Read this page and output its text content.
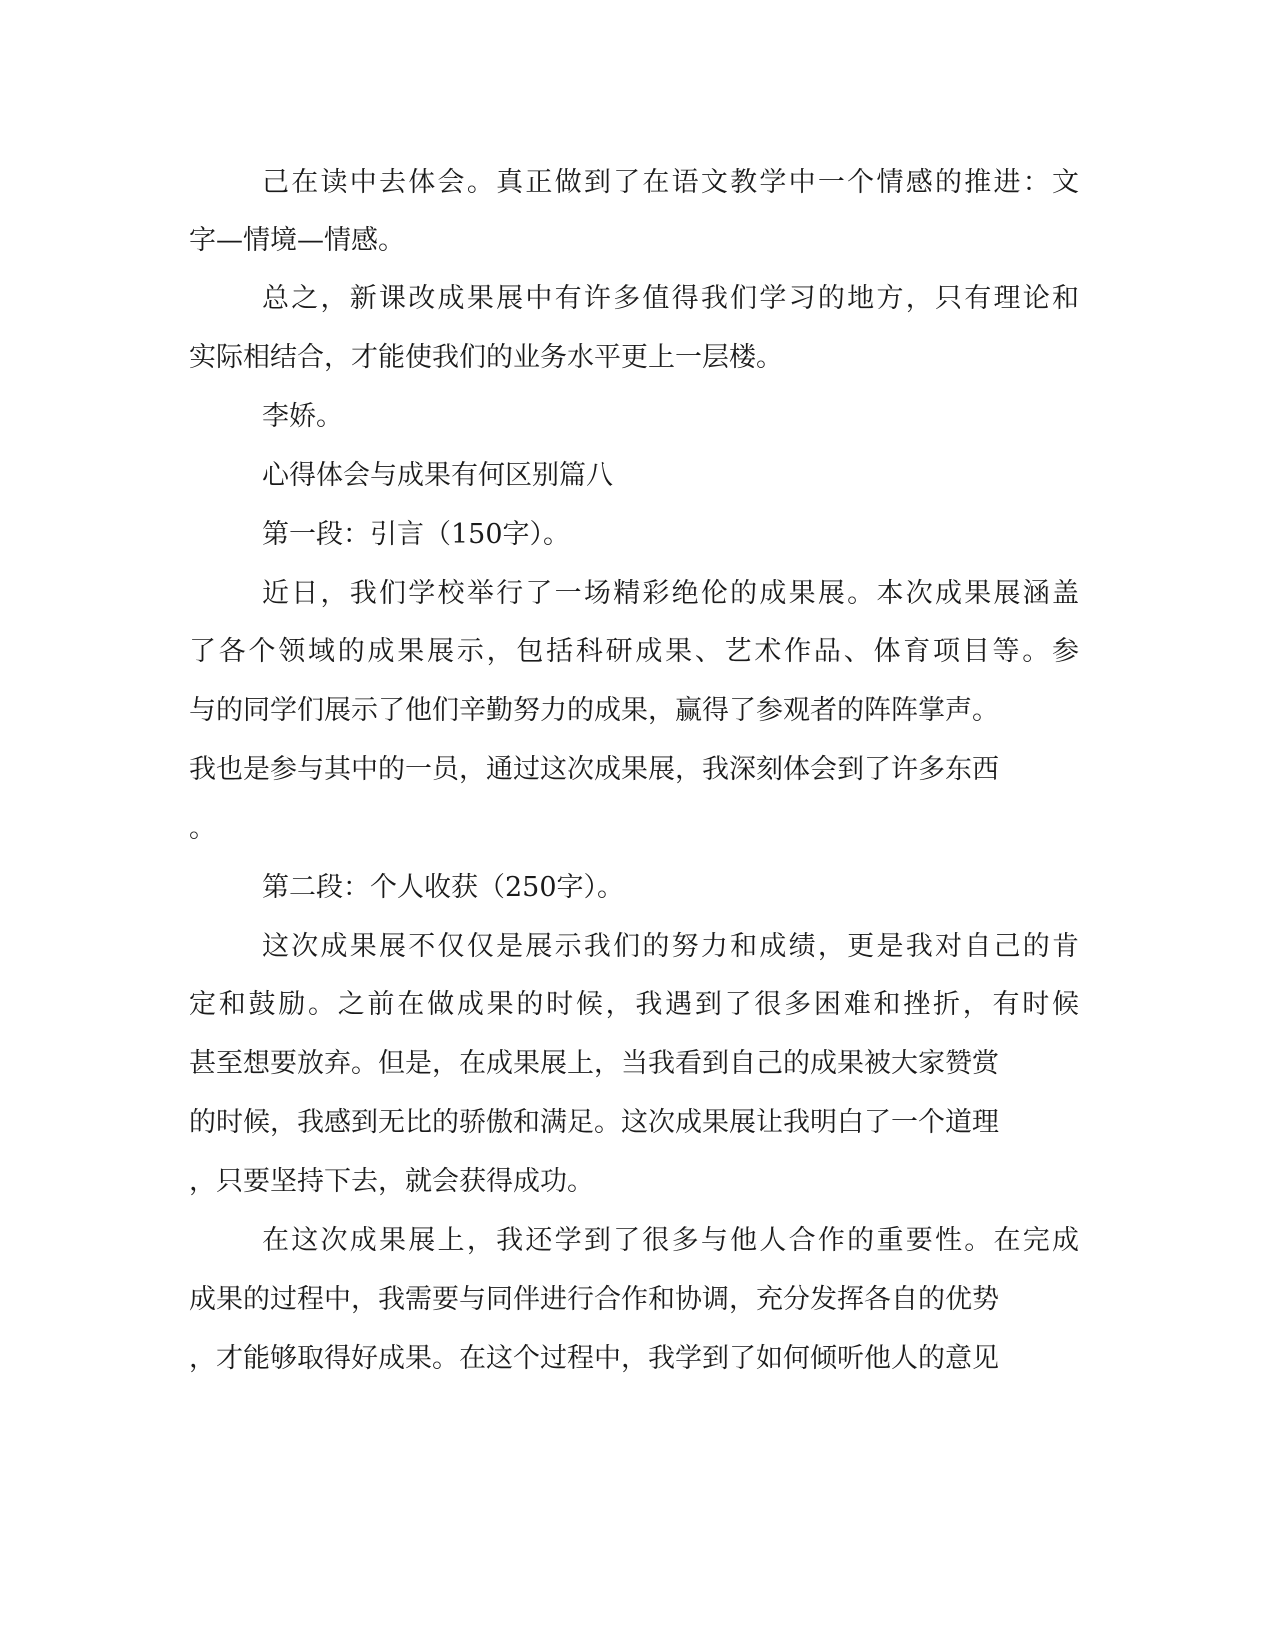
己在读中去体会。真正做到了在语文教学中一个情感的推进：文

字—情境—情感。

总之，新课改成果展中有许多值得我们学习的地方，只有理论和

实际相结合，才能使我们的业务水平更上一层楼。

李娇。

心得体会与成果有何区别篇八

第一段：引言（150字）。

近日，我们学校举行了一场精彩绝伦的成果展。本次成果展涵盖

了各个领域的成果展示，包括科研成果、艺术作品、体育项目等。参

与的同学们展示了他们辛勤努力的成果，赢得了参观者的阵阵掌声。

我也是参与其中的一员，通过这次成果展，我深刻体会到了许多东西

。

第二段：个人收获（250字）。

这次成果展不仅仅是展示我们的努力和成绩，更是我对自己的肯

定和鼓励。之前在做成果的时候，我遇到了很多困难和挫折，有时候

甚至想要放弃。但是，在成果展上，当我看到自己的成果被大家赞赏

的时候，我感到无比的骄傲和满足。这次成果展让我明白了一个道理

，只要坚持下去，就会获得成功。

在这次成果展上，我还学到了很多与他人合作的重要性。在完成

成果的过程中，我需要与同伴进行合作和协调，充分发挥各自的优势

，才能够取得好成果。在这个过程中，我学到了如何倾听他人的意见
